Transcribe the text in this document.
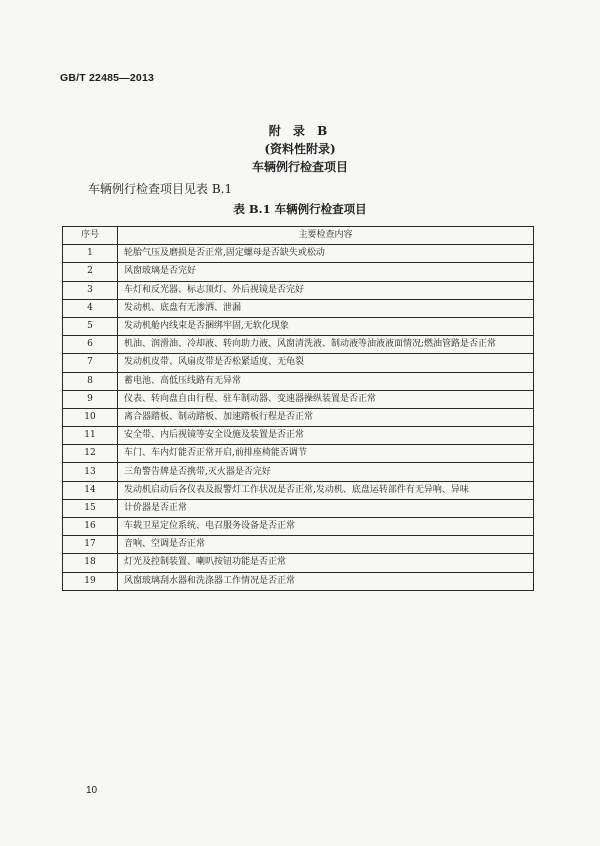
GB/T 22485—2013
附 录 B
(资料性附录)
车辆例行检查项目
车辆例行检查项目见表 B.1
表 B.1 车辆例行检查项目
序号	主要检查内容
1	轮胎气压及磨损是否正常,固定螺母是否缺失或松动
2	风窗玻璃是否完好
3	车灯和反光器、标志顶灯、外后视镜是否完好
4	发动机、底盘有无渗洒、泄漏
5	发动机舱内线束是否捆绑牢固,无软化现象
6	机油、润滑油、冷却液、转向助力液、风窗清洗液、制动液等油液液面情况;燃油管路是否正常
7	发动机皮带、风扇皮带是否松紧适度、无龟裂
8	蓄电池、高低压线路有无异常
9	仪表、转向盘自由行程、驻车制动器、变速器操纵装置是否正常
10	离合器踏板、制动踏板、加速踏板行程是否正常
11	安全带、内后视镜等安全设施及装置是否正常
12	车门、车内灯能否正常开启,前排座椅能否调节
13	三角警告牌是否携带,灭火器是否完好
14	发动机启动后各仪表及报警灯工作状况是否正常,发动机、底盘运转部件有无异响、异味
15	计价器是否正常
16	车载卫星定位系统、电召服务设备是否正常
17	音响、空调是否正常
18	灯光及控制装置、喇叭按钮功能是否正常
19	风窗玻璃刮水器和洗涤器工作情况是否正常
10
